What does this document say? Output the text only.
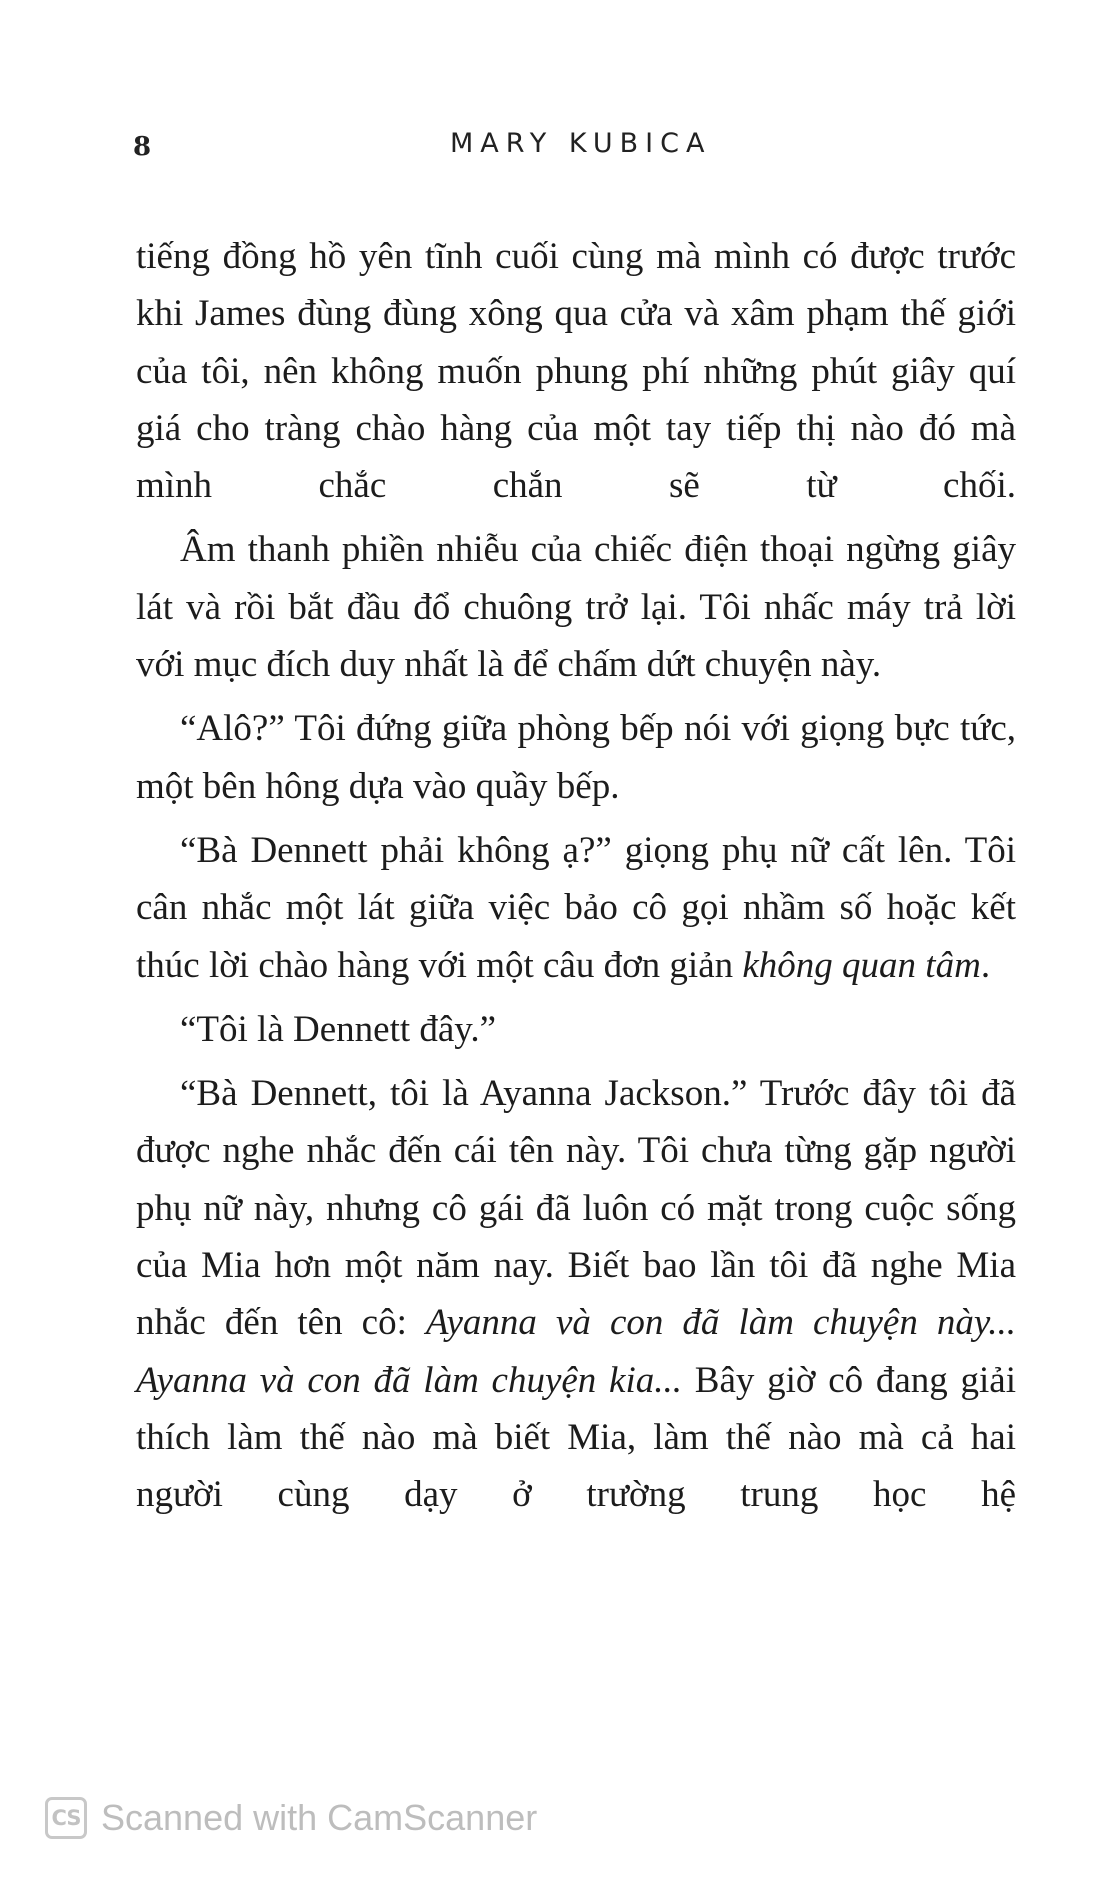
8	MARY KUBICA

tiếng đồng hồ yên tĩnh cuối cùng mà mình có được trước khi James đùng đùng xông qua cửa và xâm phạm thế giới của tôi, nên không muốn phung phí những phút giây quí giá cho tràng chào hàng của một tay tiếp thị nào đó mà mình chắc chắn sẽ từ chối.

Âm thanh phiền nhiễu của chiếc điện thoại ngừng giây lát và rồi bắt đầu đổ chuông trở lại. Tôi nhấc máy trả lời với mục đích duy nhất là để chấm dứt chuyện này.

“Alô?” Tôi đứng giữa phòng bếp nói với giọng bực tức, một bên hông dựa vào quầy bếp.

“Bà Dennett phải không ạ?” giọng phụ nữ cất lên. Tôi cân nhắc một lát giữa việc bảo cô gọi nhầm số hoặc kết thúc lời chào hàng với một câu đơn giản không quan tâm.

“Tôi là Dennett đây.”

“Bà Dennett, tôi là Ayanna Jackson.” Trước đây tôi đã được nghe nhắc đến cái tên này. Tôi chưa từng gặp người phụ nữ này, nhưng cô gái đã luôn có mặt trong cuộc sống của Mia hơn một năm nay. Biết bao lần tôi đã nghe Mia nhắc đến tên cô: Ayanna và con đã làm chuyện này... Ayanna và con đã làm chuyện kia... Bây giờ cô đang giải thích làm thế nào mà biết Mia, làm thế nào mà cả hai người cùng dạy ở trường trung học hệ

CS Scanned with CamScanner
